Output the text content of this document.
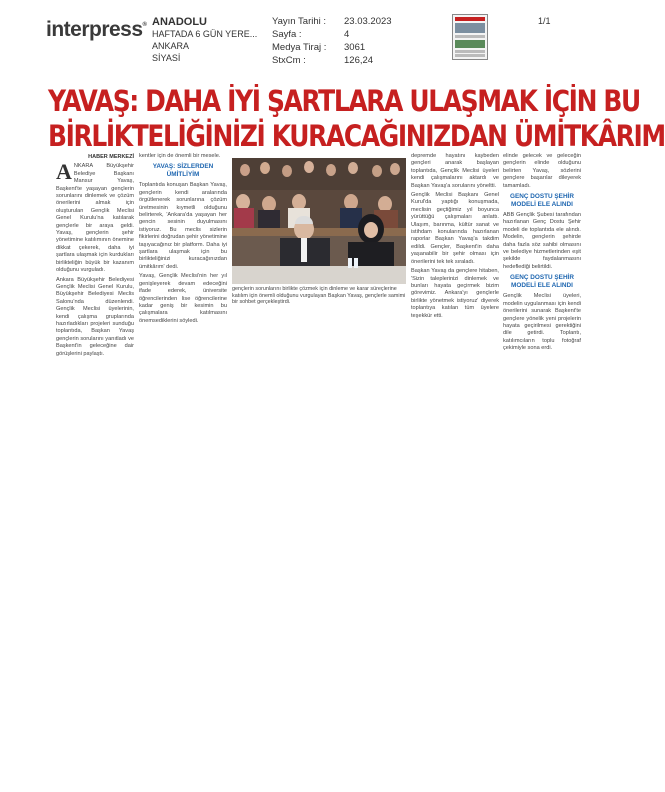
interpress® ANADOLU
HAFTADA 6 GÜN YERE...
ANKARA
SİYASİ
Yayın Tarihi : 23.03.2023
Sayfa :	4
Medya Tiraj : 3061
StxCm :	126,24
1/1
YAVAŞ: DAHA İYİ ŞARTLARA ULAŞMAK İÇİN BU
BİRLİKTELİĞİNİZİ KURACAĞINIZDAN ÜMİTKÂRIM
HABER MERKEZİ

ANKARA Büyükşehir Belediye Başkanı Mansur Yavaş, Başkent'te yaşayan gençlerin sorunlarını dinlemek ve çözüm önerilerini almak için oluşturulan Gençlik Meclisi Genel Kurulu'na katılarak gençlerle bir araya geldi. Yavaş, gençlerin şehir yönetimine katılımının önemine dikkat çekerek, daha iyi şartlara ulaşmak için kurdukları birlikteliğin büyük bir kazanım olduğunu vurguladı.

Ankara Büyükşehir Belediyesi Gençlik Meclisi Genel Kurulu, Büyükşehir Belediyesi Meclis Salonu'nda düzenlendi. Gençlik Meclisi üyelerinin, kendi çalışma gruplarında hazırladıkları projeleri sunduğu toplantıda, Başkan Yavaş gençlerin sorularını yanıtladı ve Başkent'in geleceğine dair görüşlerini paylaştı.

kentler için de önemli bir mesele.

YAVAŞ: SİZLERDEN ÜMİTLİYİM

Toplantıda konuşan Başkan Yavaş, gençlerin kendi aralarında örgütlenerek sorunlarına çözüm üretmesinin kıymetli olduğunu belirterek, 'Ankara'da yaşayan her gencin sesinin duyulmasını istiyoruz. Bu meclis sizlerin fikirlerini doğrudan şehir yönetimine taşıyacağınız bir platform. Daha iyi şartlara ulaşmak için bu birlikteliğinizi kuracağınızdan ümitkârım' dedi.

Yavaş, Gençlik Meclisi'nin her yıl genişleyerek devam edeceğini ifade ederek, üniversite öğrencilerinden lise öğrencilerine kadar geniş bir kesimin bu çalışmalara katılmasını önemsediklerini söyledi.

gençlerin sorunlarını birlikte çözmek için dinleme ve karar süreçlerine katılım için önemli olduğunu vurgulayan Başkan Yavaş, gençlerle samimi bir sohbet gerçekleştirdi.

depremde hayatını kaybeden gençleri anarak başlayan toplantıda, Gençlik Meclisi üyeleri kendi çalışmalarını aktardı ve Başkan Yavaş'a sorularını yöneltti.

Gençlik Meclisi Başkanı Genel Kurul'da yaptığı konuşmada, meclisin geçtiğimiz yıl boyunca yürüttüğü çalışmaları anlattı. Ulaşım, barınma, kültür sanat ve istihdam konularında hazırlanan raporlar Başkan Yavaş'a takdim edildi. Gençler, Başkent'in daha yaşanabilir bir şehir olması için önerilerini tek tek sıraladı.

Başkan Yavaş da gençlere hitaben, 'Sizin taleplerinizi dinlemek ve bunları hayata geçirmek bizim görevimiz. Ankara'yı gençlerle birlikte yönetmek istiyoruz' diyerek toplantıya katılan tüm üyelere teşekkür etti.

elinde gelecek ve geleceğin gençlerin elinde olduğunu belirten Yavaş, sözlerini gençlere başarılar dileyerek tamamladı.

GENÇ DOSTU ŞEHİR MODELİ ELE ALINDI

ABB Gençlik Şubesi tarafından hazırlanan Genç Dostu Şehir modeli de toplantıda ele alındı. Modelin, gençlerin şehirde daha fazla söz sahibi olmasını ve belediye hizmetlerinden eşit şekilde faydalanmasını hedeflediği belirtildi.

GENÇ DOSTU ŞEHİR MODELİ ELE ALINDI

Gençlik Meclisi üyeleri, modelin uygulanması için kendi önerilerini sunarak Başkent'te gençlere yönelik yeni projelerin hayata geçirilmesi gerektiğini dile getirdi. Toplantı, katılımcıların toplu fotoğraf çekimiyle sona erdi.
